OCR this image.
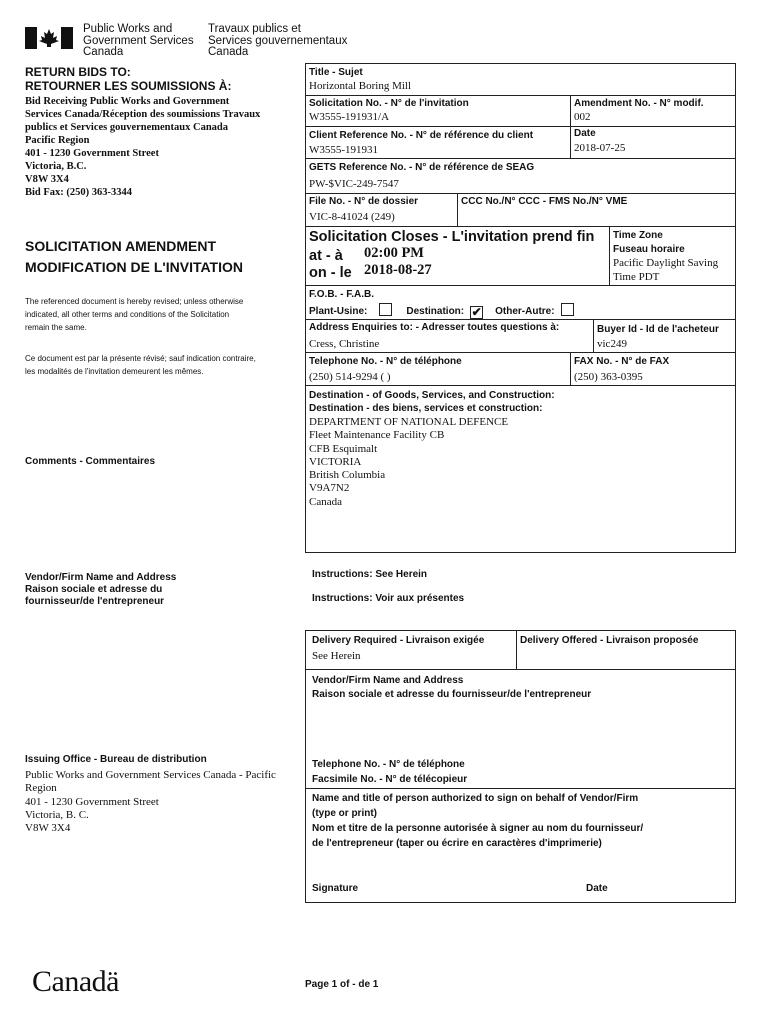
Public Works and
Government Services
Canada
Travaux publics et
Services gouvernementaux
Canada
RETURN BIDS TO:
RETOURNER LES SOUMISSIONS À:
Bid Receiving Public Works and Government
Services Canada/Réception des soumissions Travaux
publics et Services gouvernementaux Canada
Pacific Region
401 - 1230 Government Street
Victoria, B.C.
V8W 3X4
Bid Fax: (250) 363-3344
SOLICITATION AMENDMENT
MODIFICATION DE L'INVITATION
The referenced document is hereby revised; unless otherwise
indicated, all other terms and conditions of the Solicitation
remain the same.
Ce document est par la présente révisé; sauf indication contraire,
les modalités de l'invitation demeurent les mêmes.
Comments - Commentaires
Vendor/Firm Name and Address
Raison sociale et adresse du
fournisseur/de l'entrepreneur
Issuing Office - Bureau de distribution
Public Works and Government Services Canada - Pacific
Region
401 - 1230 Government Street
Victoria, B. C.
V8W 3X4
Title - Sujet
Horizontal Boring Mill
Solicitation No. - N° de l'invitation
W3555-191931/A
Amendment No. - N° modif.
002
Client Reference No. - N° de référence du client
W3555-191931
Date
2018-07-25
GETS Reference No. - N° de référence de SEAG
PW-$VIC-249-7547
File No. - N° de dossier
VIC-8-41024 (249)
CCC No./N° CCC - FMS No./N° VME
Solicitation Closes - L'invitation prend fin
at - à 02:00 PM
on - le 2018-08-27
Time Zone
Fuseau horaire
Pacific Daylight Saving
Time PDT
F.O.B. - F.A.B.
Plant-Usine:	Destination: ✔ Other-Autre:
Address Enquiries to: - Adresser toutes questions à:
Cress, Christine
Buyer Id - Id de l'acheteur
vic249
Telephone No. - N° de téléphone
(250) 514-9294 ( )
FAX No. - N° de FAX
(250) 363-0395
Destination - of Goods, Services, and Construction:
Destination - des biens, services et construction:
DEPARTMENT OF NATIONAL DEFENCE
Fleet Maintenance Facility CB
CFB Esquimalt
VICTORIA
British Columbia
V9A7N2
Canada
Instructions: See Herein
Instructions: Voir aux présentes
Delivery Required - Livraison exigée
See Herein
Delivery Offered - Livraison proposée
Vendor/Firm Name and Address
Raison sociale et adresse du fournisseur/de l'entrepreneur
Telephone No. - N° de téléphone
Facsimile No. - N° de télécopieur
Name and title of person authorized to sign on behalf of Vendor/Firm
(type or print)
Nom et titre de la personne autorisée à signer au nom du fournisseur/
de l'entrepreneur (taper ou écrire en caractères d'imprimerie)
Signature	Date
Canadä	Page 1 of - de 1
